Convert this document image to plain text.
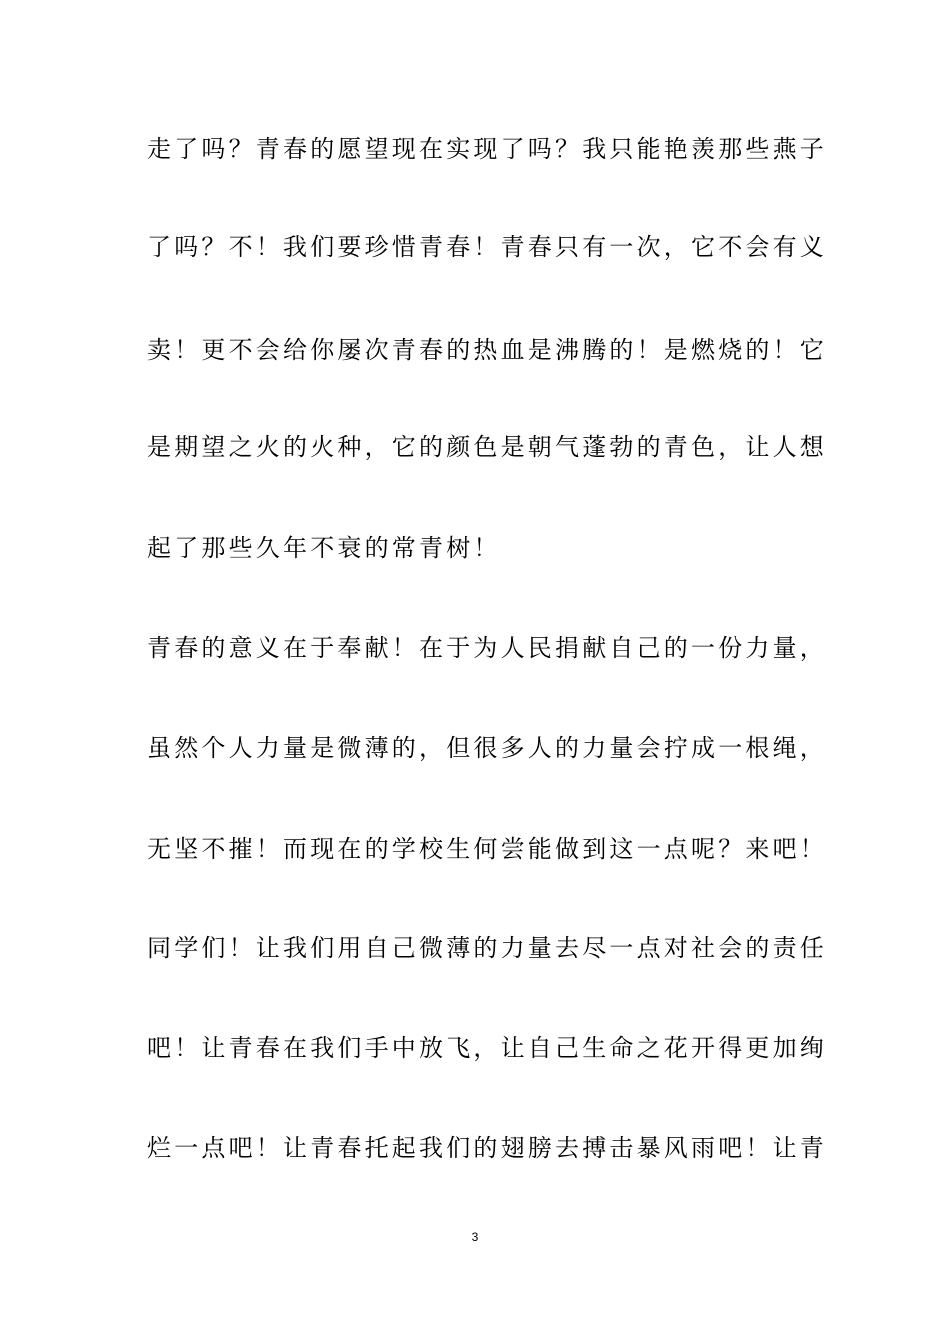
走了吗？青春的愿望现在实现了吗？我只能艳羡那些燕子
了吗？不！我们要珍惜青春！青春只有一次，它不会有义
卖！更不会给你屡次青春的热血是沸腾的！是燃烧的！它
是期望之火的火种，它的颜色是朝气蓬勃的青色，让人想
起了那些久年不衰的常青树！
青春的意义在于奉献！在于为人民捐献自己的一份力量，
虽然个人力量是微薄的，但很多人的力量会拧成一根绳，
无坚不摧！而现在的学校生何尝能做到这一点呢？来吧！
同学们！让我们用自己微薄的力量去尽一点对社会的责任
吧！让青春在我们手中放飞，让自己生命之花开得更加绚
烂一点吧！让青春托起我们的翅膀去搏击暴风雨吧！让青
3
